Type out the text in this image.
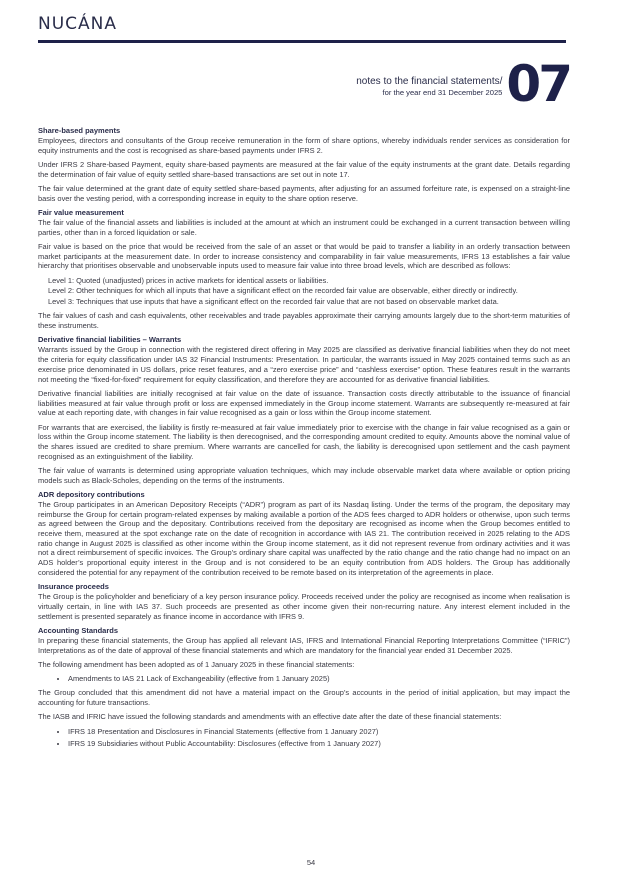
NUCÁNA
notes to the financial statements/
for the year end 31 December 2025 07
Share-based payments

Employees, directors and consultants of the Group receive remuneration in the form of share options, whereby individuals render services as consideration for equity instruments and the cost is recognised as share-based payments under IFRS 2.

Under IFRS 2 Share-based Payment, equity share-based payments are measured at the fair value of the equity instruments at the grant date. Details regarding the determination of fair value of equity settled share-based transactions are set out in note 17.

The fair value determined at the grant date of equity settled share-based payments, after adjusting for an assumed forfeiture rate, is expensed on a straight-line basis over the vesting period, with a corresponding increase in equity to the share option reserve.

Fair value measurement

The fair value of the financial assets and liabilities is included at the amount at which an instrument could be exchanged in a current transaction between willing parties, other than in a forced liquidation or sale.

Fair value is based on the price that would be received from the sale of an asset or that would be paid to transfer a liability in an orderly transaction between market participants at the measurement date. In order to increase consistency and comparability in fair value measurements, IFRS 13 establishes a fair value hierarchy that prioritises observable and unobservable inputs used to measure fair value into three broad levels, which are described as follows:

Level 1: Quoted (unadjusted) prices in active markets for identical assets or liabilities.
Level 2: Other techniques for which all inputs that have a significant effect on the recorded fair value are observable, either directly or indirectly.
Level 3: Techniques that use inputs that have a significant effect on the recorded fair value that are not based on observable market data.

The fair values of cash and cash equivalents, other receivables and trade payables approximate their carrying amounts largely due to the short-term maturities of these instruments.

Derivative financial liabilities – Warrants

Warrants issued by the Group in connection with the registered direct offering in May 2025 are classified as derivative financial liabilities when they do not meet the criteria for equity classification under IAS 32 Financial Instruments: Presentation. In particular, the warrants issued in May 2025 contained terms such as an exercise price denominated in US dollars, price reset features, and a “zero exercise price” and “cashless exercise” option. These features result in the warrants not meeting the “fixed-for-fixed” requirement for equity classification, and therefore they are accounted for as derivative financial liabilities.

Derivative financial liabilities are initially recognised at fair value on the date of issuance. Transaction costs directly attributable to the issuance of financial liabilities measured at fair value through profit or loss are expensed immediately in the Group income statement. Warrants are subsequently re-measured at fair value at each reporting date, with changes in fair value recognised as a gain or loss within the Group income statement.

For warrants that are exercised, the liability is firstly re-measured at fair value immediately prior to exercise with the change in fair value recognised as a gain or loss within the Group income statement. The liability is then derecognised, and the corresponding amount credited to equity. Amounts above the nominal value of the shares issued are credited to share premium. Where warrants are cancelled for cash, the liability is derecognised upon settlement and the cash payment recognised as an extinguishment of the liability.

The fair value of warrants is determined using appropriate valuation techniques, which may include observable market data where available or option pricing models such as Black-Scholes, depending on the terms of the instruments.

ADR depository contributions

The Group participates in an American Depository Receipts (“ADR”) program as part of its Nasdaq listing. Under the terms of the program, the depositary may reimburse the Group for certain program-related expenses by making available a portion of the ADS fees charged to ADR holders or otherwise, upon such terms as agreed between the Group and the depositary. Contributions received from the depositary are recognised as income when the Group becomes entitled to receive them, measured at the spot exchange rate on the date of recognition in accordance with IAS 21. The contribution received in 2025 relating to the ADS ratio change in August 2025 is classified as other income within the Group income statement, as it did not represent revenue from ordinary activities and it was not a direct reimbursement of specific invoices. The Group’s ordinary share capital was unaffected by the ratio change and the ratio change had no impact on an ADS holder’s proportional equity interest in the Group and is not considered to be an equity contribution from ADS holders. The Group has additionally considered the potential for any repayment of the contribution received to be remote based on its interpretation of the agreements in place.

Insurance proceeds

The Group is the policyholder and beneficiary of a key person insurance policy. Proceeds received under the policy are recognised as income when realisation is virtually certain, in line with IAS 37. Such proceeds are presented as other income given their non-recurring nature. Any interest element included in the settlement is presented separately as finance income in accordance with IFRS 9.

Accounting Standards

In preparing these financial statements, the Group has applied all relevant IAS, IFRS and International Financial Reporting Interpretations Committee (“IFRIC”) Interpretations as of the date of approval of these financial statements and which are mandatory for the financial year ended 31 December 2025.

The following amendment has been adopted as of 1 January 2025 in these financial statements:

• Amendments to IAS 21 Lack of Exchangeability (effective from 1 January 2025)

The Group concluded that this amendment did not have a material impact on the Group’s accounts in the period of initial application, but may impact the accounting for future transactions.

The IASB and IFRIC have issued the following standards and amendments with an effective date after the date of these financial statements:

• IFRS 18 Presentation and Disclosures in Financial Statements (effective from 1 January 2027)
• IFRS 19 Subsidiaries without Public Accountability: Disclosures (effective from 1 January 2027)
54
